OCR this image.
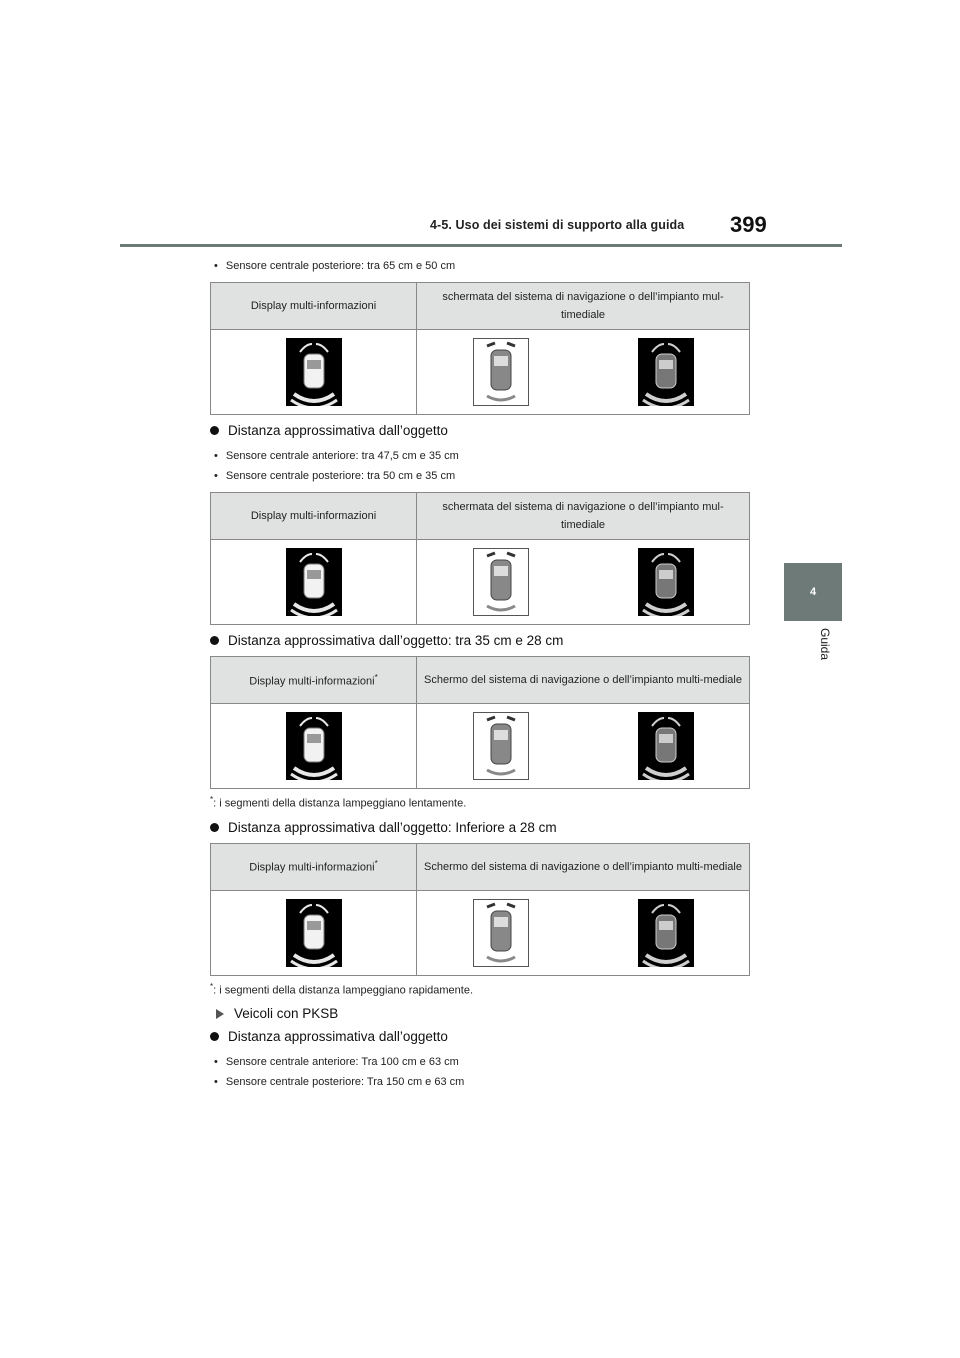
4-5. Uso dei sistemi di supporto alla guida	399
4
Guida
• Sensore centrale posteriore: tra 65 cm e 50 cm
Display multi-informazioni	schermata del sistema di navigazione o dell’impianto mul-timediale

Distanza approssimativa dall’oggetto
• Sensore centrale anteriore: tra 47,5 cm e 35 cm
• Sensore centrale posteriore: tra 50 cm e 35 cm
Display multi-informazioni	schermata del sistema di navigazione o dell’impianto mul-timediale

Distanza approssimativa dall’oggetto: tra 35 cm e 28 cm
Display multi-informazioni*	Schermo del sistema di navigazione o dell’impianto multi-mediale

*: i segmenti della distanza lampeggiano lentamente.
Distanza approssimativa dall’oggetto: Inferiore a 28 cm
Display multi-informazioni*	Schermo del sistema di navigazione o dell’impianto multi-mediale

*: i segmenti della distanza lampeggiano rapidamente.
Veicoli con PKSB
Distanza approssimativa dall’oggetto
• Sensore centrale anteriore: Tra 100 cm e 63 cm
• Sensore centrale posteriore: Tra 150 cm e 63 cm
